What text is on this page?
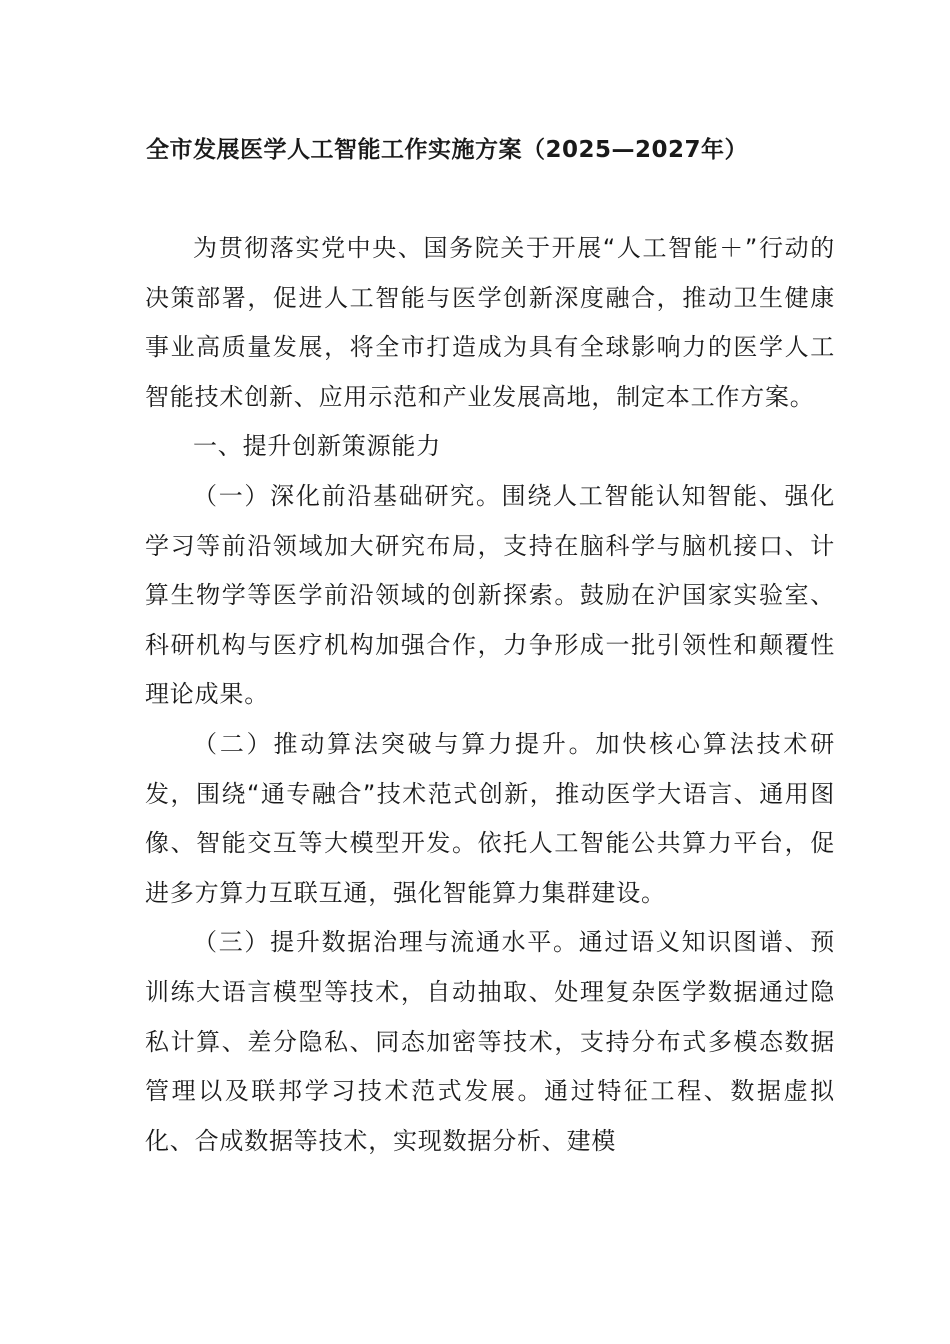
全市发展医学人工智能工作实施方案（2025—2027年）

为贯彻落实党中央、国务院关于开展“人工智能＋”行动的决策部署，促进人工智能与医学创新深度融合，推动卫生健康事业高质量发展，将全市打造成为具有全球影响力的医学人工智能技术创新、应用示范和产业发展高地，制定本工作方案。

一、提升创新策源能力

（一）深化前沿基础研究。围绕人工智能认知智能、强化学习等前沿领域加大研究布局，支持在脑科学与脑机接口、计算生物学等医学前沿领域的创新探索。鼓励在沪国家实验室、科研机构与医疗机构加强合作，力争形成一批引领性和颠覆性理论成果。

（二）推动算法突破与算力提升。加快核心算法技术研发，围绕“通专融合”技术范式创新，推动医学大语言、通用图像、智能交互等大模型开发。依托人工智能公共算力平台，促进多方算力互联互通，强化智能算力集群建设。

（三）提升数据治理与流通水平。通过语义知识图谱、预训练大语言模型等技术，自动抽取、处理复杂医学数据通过隐私计算、差分隐私、同态加密等技术，支持分布式多模态数据管理以及联邦学习技术范式发展。通过特征工程、数据虚拟化、合成数据等技术，实现数据分析、建模
